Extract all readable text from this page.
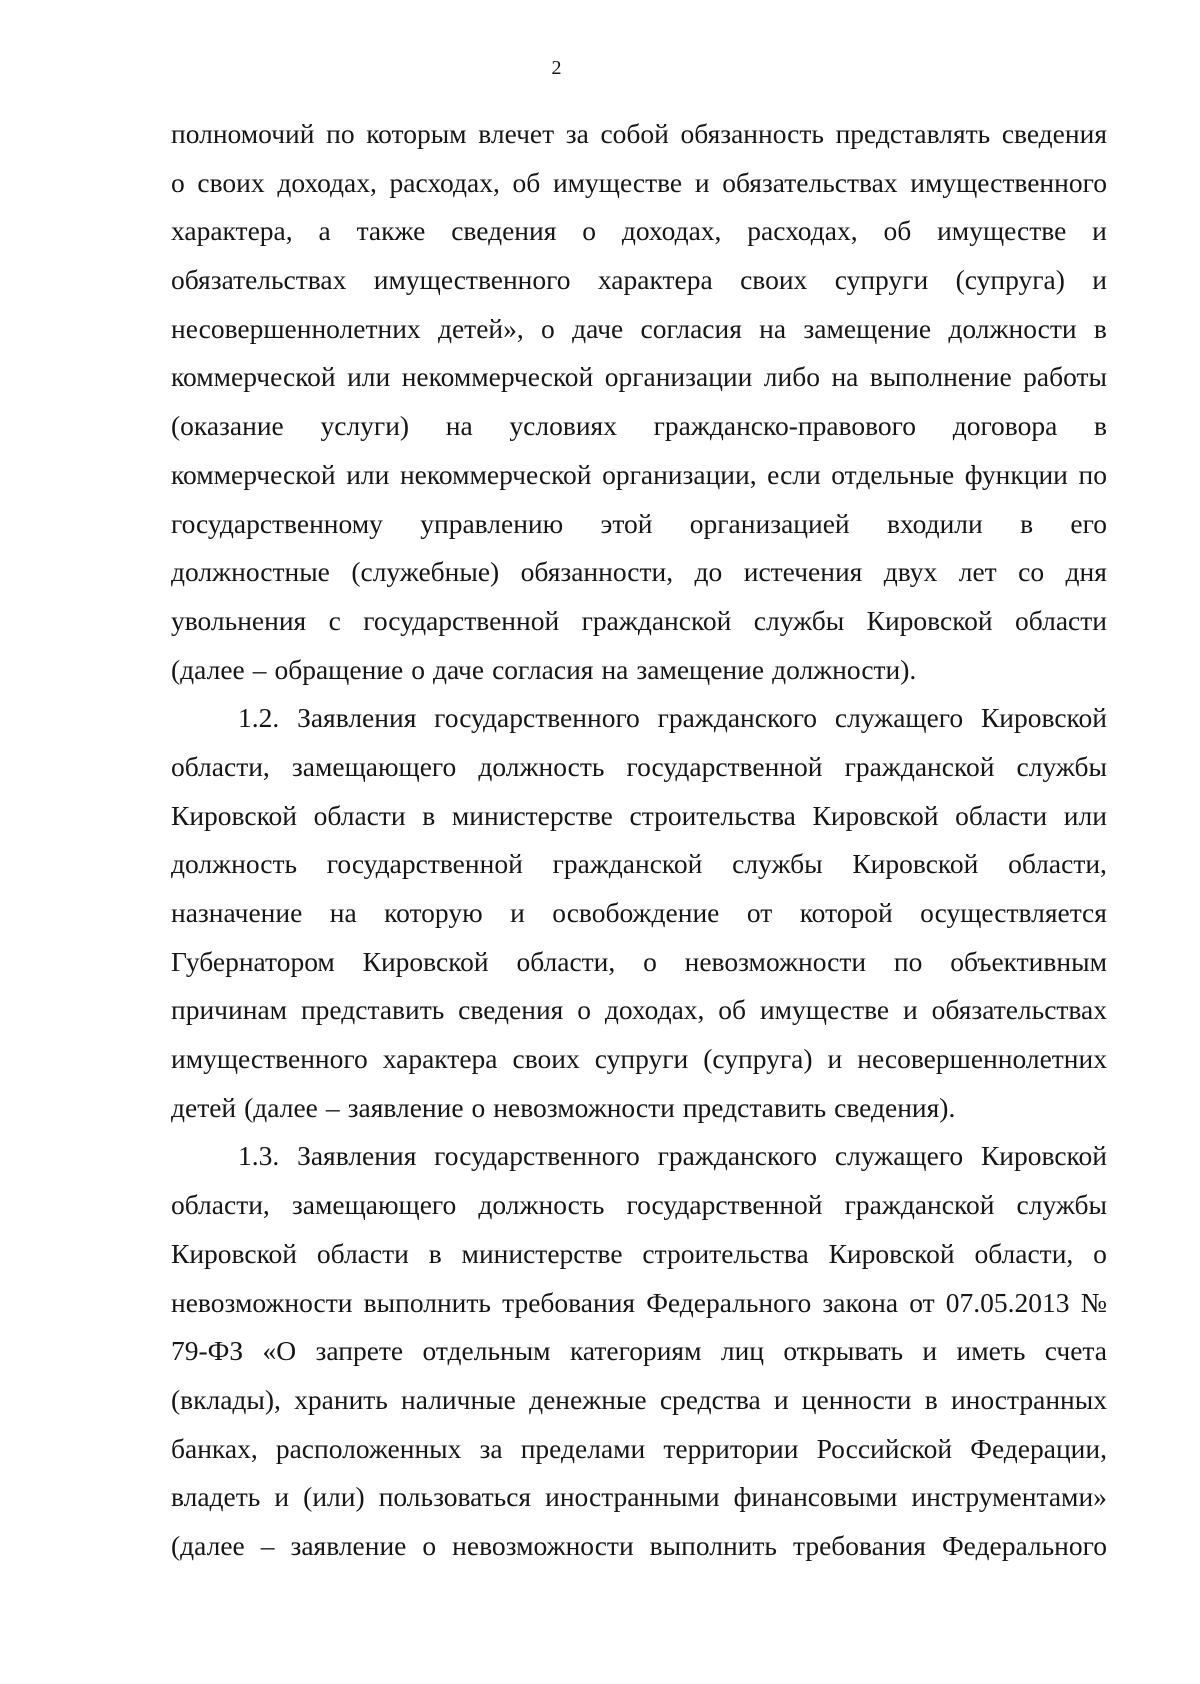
2
полномочий по которым влечет за собой обязанность представлять сведения
о своих доходах, расходах, об имуществе и обязательствах имущественного
характера, а также сведения о доходах, расходах, об имуществе и
обязательствах имущественного характера своих супруги (супруга) и
несовершеннолетних детей», о даче согласия на замещение должности в
коммерческой или некоммерческой организации либо на выполнение работы
(оказание услуги) на условиях гражданско-правового договора в
коммерческой или некоммерческой организации, если отдельные функции по
государственному управлению этой организацией входили в его
должностные (служебные) обязанности, до истечения двух лет со дня
увольнения с государственной гражданской службы Кировской области
(далее – обращение о даче согласия на замещение должности).
1.2. Заявления государственного гражданского служащего Кировской
области, замещающего должность государственной гражданской службы
Кировской области в министерстве строительства Кировской области или
должность государственной гражданской службы Кировской области,
назначение на которую и освобождение от которой осуществляется
Губернатором Кировской области, о невозможности по объективным
причинам представить сведения о доходах, об имуществе и обязательствах
имущественного характера своих супруги (супруга) и несовершеннолетних
детей (далее – заявление о невозможности представить сведения).
1.3. Заявления государственного гражданского служащего Кировской
области, замещающего должность государственной гражданской службы
Кировской области в министерстве строительства Кировской области, о
невозможности выполнить требования Федерального закона от 07.05.2013 №
79-ФЗ «О запрете отдельным категориям лиц открывать и иметь счета
(вклады), хранить наличные денежные средства и ценности в иностранных
банках, расположенных за пределами территории Российской Федерации,
владеть и (или) пользоваться иностранными финансовыми инструментами»
(далее – заявление о невозможности выполнить требования Федерального
